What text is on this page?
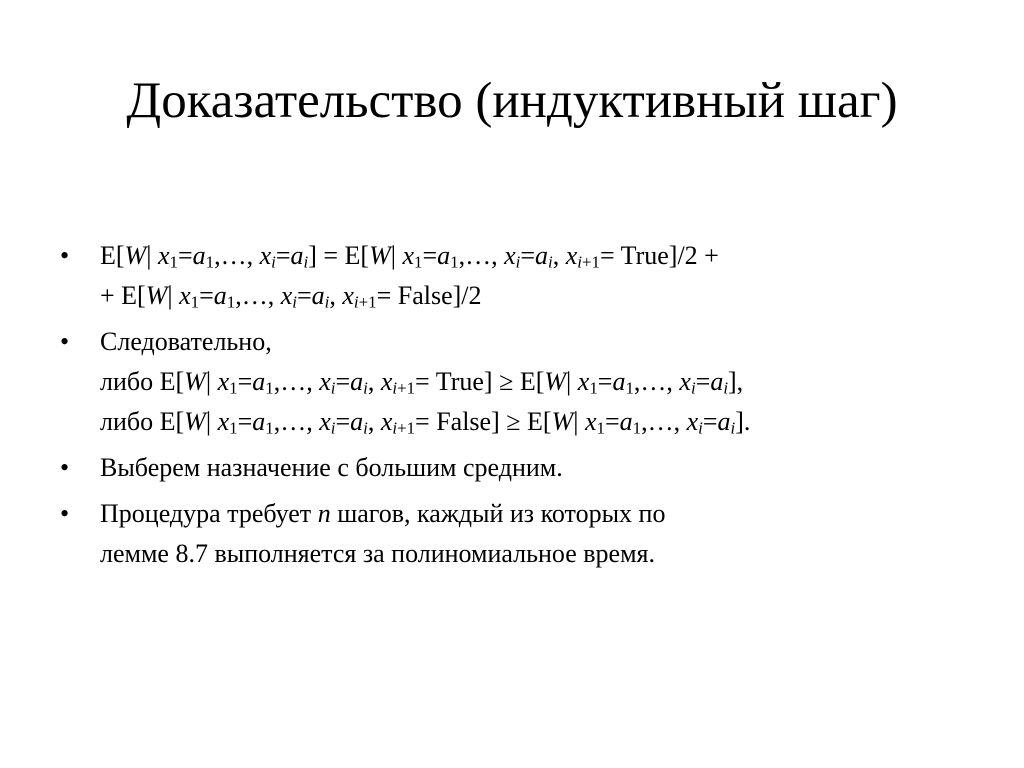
Доказательство (индуктивный шаг)
•	E[W| $x_1=a_1,\dots$, $x_i=a_i] = E[W|$ $x_1=a_1,\dots$, $x_i=a_i$, $x_{i+1}=$ True]/2 +
+ E[W| $x_1=a_1,\dots$, $x_i=a_i$, $x_{i+1}=$ False]/2
•	Следовательно,
либо E[W| $x_1=a_1,\dots$, $x_i=a_i$, $x_{i+1}=$ True] ≥ E[W| $x_1=a_1,\dots$, $x_i=a_i$],
либо E[W| $x_1=a_1,\dots$, $x_i=a_i$, $x_{i+1}=$ False] ≥ E[W| $x_1=a_1,\dots$, $x_i=a_i$].
•	Выберем назначение с большим средним.
•	Процедура требует n шагов, каждый из которых по
лемме 8.7 выполняется за полиномиальное время.
